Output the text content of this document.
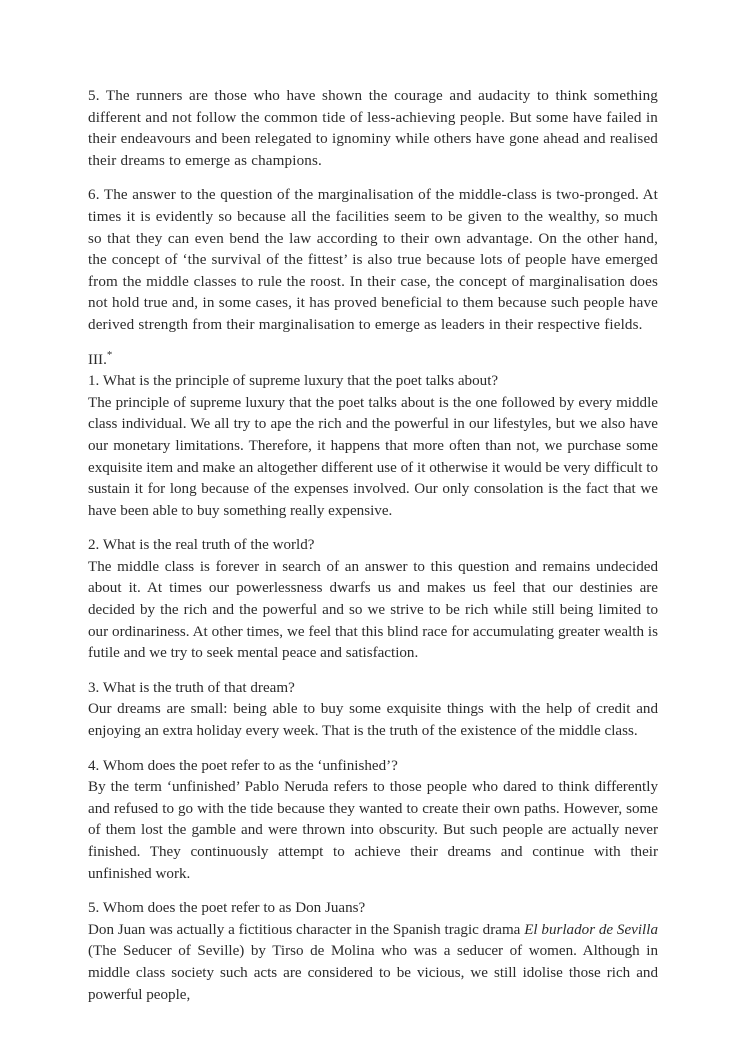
5. The runners are those who have shown the courage and audacity to think something different and not follow the common tide of less-achieving people. But some have failed in their endeavours and been relegated to ignominy while others have gone ahead and realised their dreams to emerge as champions.

6. The answer to the question of the marginalisation of the middle-class is two-pronged. At times it is evidently so because all the facilities seem to be given to the wealthy, so much so that they can even bend the law according to their own advantage. On the other hand, the concept of ‘the survival of the fittest’ is also true because lots of people have emerged from the middle classes to rule the roost. In their case, the concept of marginalisation does not hold true and, in some cases, it has proved beneficial to them because such people have derived strength from their marginalisation to emerge as leaders in their respective fields.

III.*

1. What is the principle of supreme luxury that the poet talks about?

The principle of supreme luxury that the poet talks about is the one followed by every middle class individual. We all try to ape the rich and the powerful in our lifestyles, but we also have our monetary limitations. Therefore, it happens that more often than not, we purchase some exquisite item and make an altogether different use of it otherwise it would be very difficult to sustain it for long because of the expenses involved. Our only consolation is the fact that we have been able to buy something really expensive.

2. What is the real truth of the world?

The middle class is forever in search of an answer to this question and remains undecided about it. At times our powerlessness dwarfs us and makes us feel that our destinies are decided by the rich and the powerful and so we strive to be rich while still being limited to our ordinariness. At other times, we feel that this blind race for accumulating greater wealth is futile and we try to seek mental peace and satisfaction.

3. What is the truth of that dream?

Our dreams are small: being able to buy some exquisite things with the help of credit and enjoying an extra holiday every week. That is the truth of the existence of the middle class.

4. Whom does the poet refer to as the ‘unfinished’?

By the term ‘unfinished’ Pablo Neruda refers to those people who dared to think differently and refused to go with the tide because they wanted to create their own paths. However, some of them lost the gamble and were thrown into obscurity. But such people are actually never finished. They continuously attempt to achieve their dreams and continue with their unfinished work.

5. Whom does the poet refer to as Don Juans?

Don Juan was actually a fictitious character in the Spanish tragic drama El burlador de Sevilla (The Seducer of Seville) by Tirso de Molina who was a seducer of women. Although in middle class society such acts are considered to be vicious, we still idolise those rich and powerful people,
